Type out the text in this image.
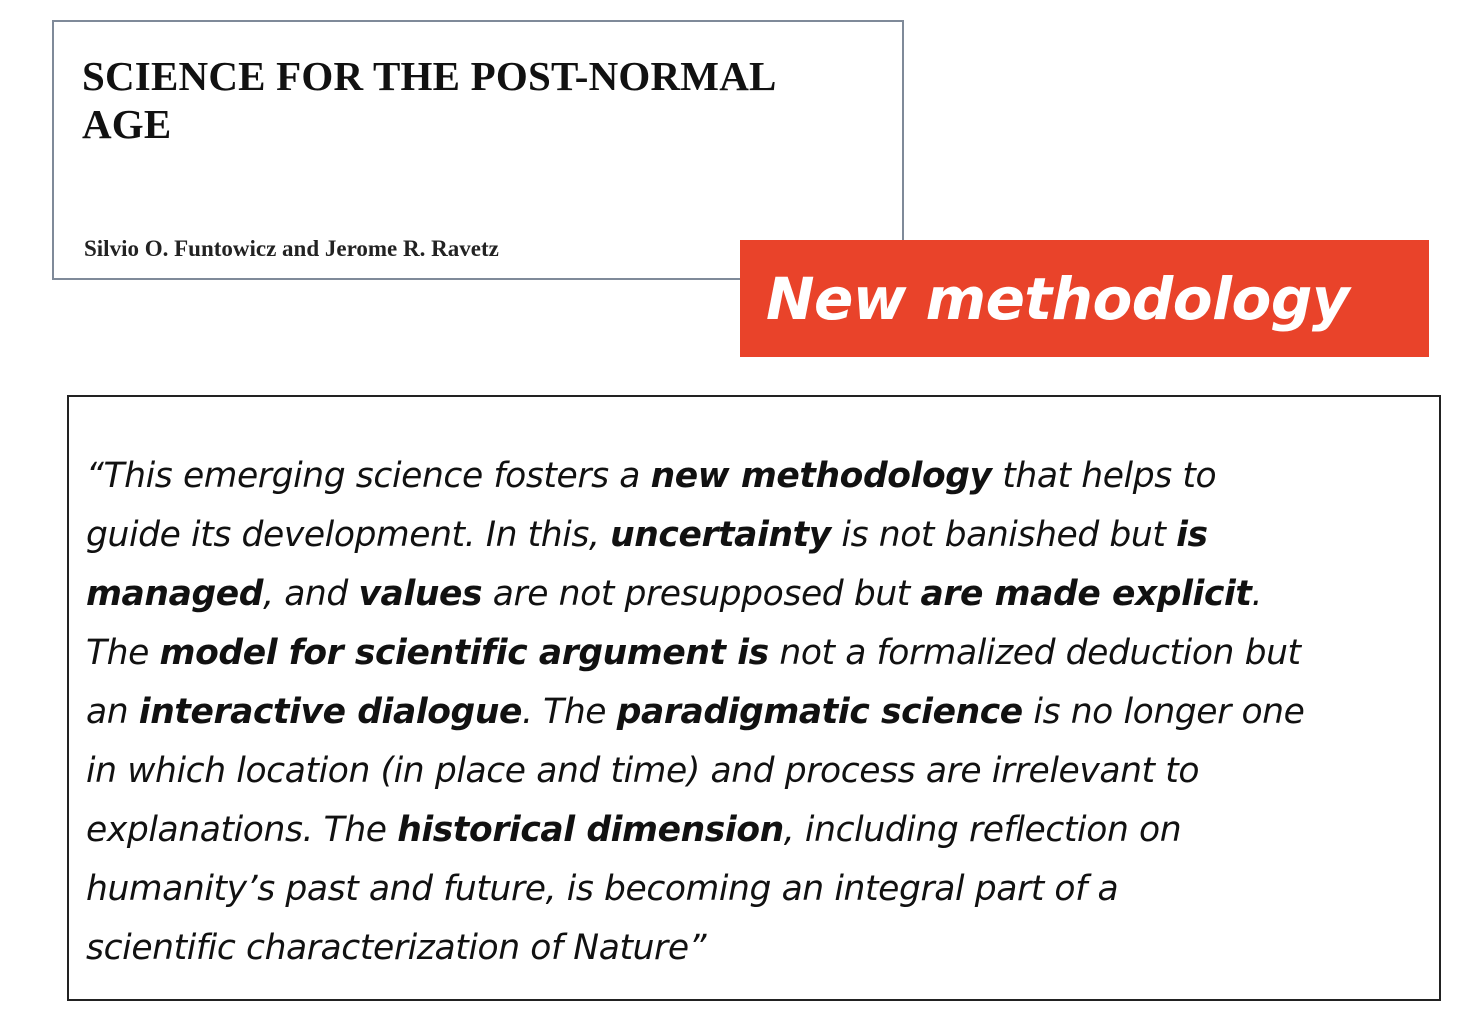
SCIENCE FOR THE POST-NORMAL
AGE

Silvio O. Funtowicz and Jerome R. Ravetz

New methodology

“This emerging science fosters a new methodology that helps to
guide its development. In this, uncertainty is not banished but is
managed, and values are not presupposed but are made explicit.
The model for scientific argument is not a formalized deduction but
an interactive dialogue. The paradigmatic science is no longer one
in which location (in place and time) and process are irrelevant to
explanations. The historical dimension, including reflection on
humanity’s past and future, is becoming an integral part of a
scientific characterization of Nature”
